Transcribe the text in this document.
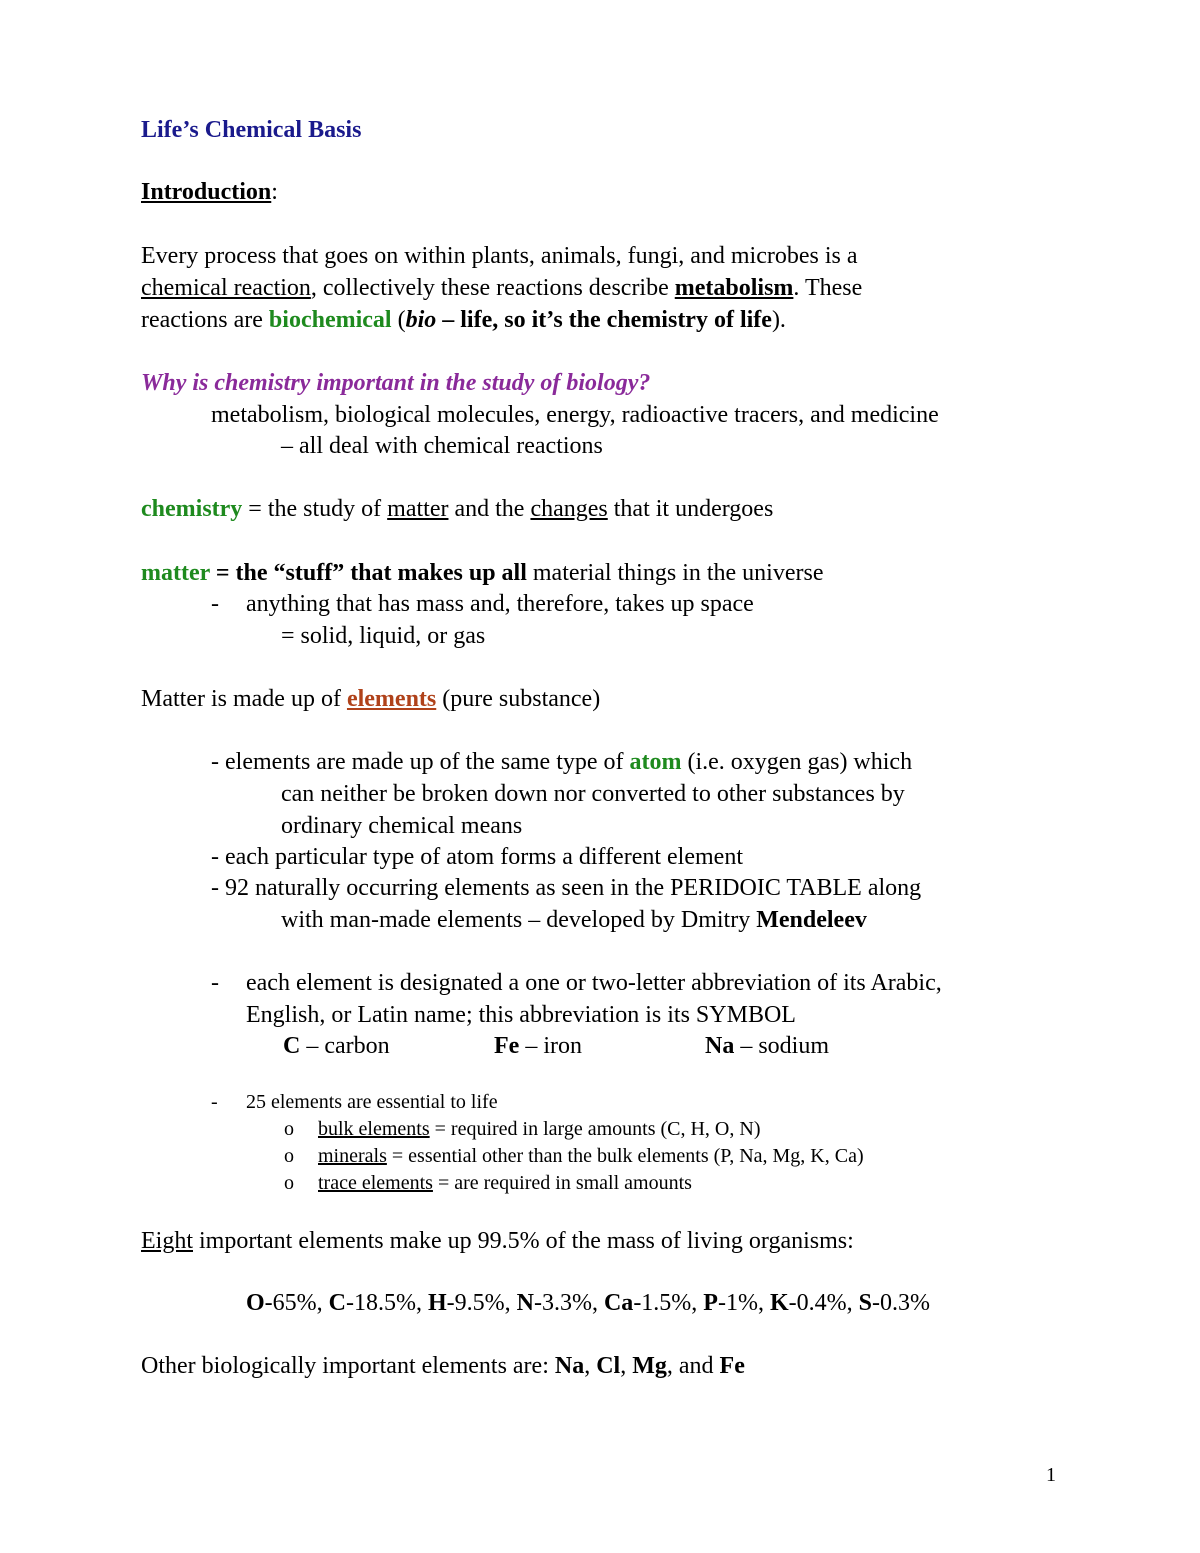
Life’s Chemical Basis
Introduction:
Every process that goes on within plants, animals, fungi, and microbes is a
chemical reaction, collectively these reactions describe metabolism. These
reactions are biochemical (bio – life, so it’s the chemistry of life).
Why is chemistry important in the study of biology?
metabolism, biological molecules, energy, radioactive tracers, and medicine
– all deal with chemical reactions
chemistry = the study of matter and the changes that it undergoes
matter = the “stuff” that makes up all material things in the universe
- anything that has mass and, therefore, takes up space
= solid, liquid, or gas
Matter is made up of elements (pure substance)
- elements are made up of the same type of atom (i.e. oxygen gas) which
can neither be broken down nor converted to other substances by
ordinary chemical means
- each particular type of atom forms a different element
- 92 naturally occurring elements as seen in the PERIDOIC TABLE along
with man-made elements – developed by Dmitry Mendeleev
- each element is designated a one or two-letter abbreviation of its Arabic,
English, or Latin name; this abbreviation is its SYMBOL
C – carbon	Fe – iron	Na – sodium
- 25 elements are essential to life
o bulk elements = required in large amounts (C, H, O, N)
o minerals = essential other than the bulk elements (P, Na, Mg, K, Ca)
o trace elements = are required in small amounts
Eight important elements make up 99.5% of the mass of living organisms:
O-65%, C-18.5%, H-9.5%, N-3.3%, Ca-1.5%, P-1%, K-0.4%, S-0.3%
Other biologically important elements are: Na, Cl, Mg, and Fe
1
